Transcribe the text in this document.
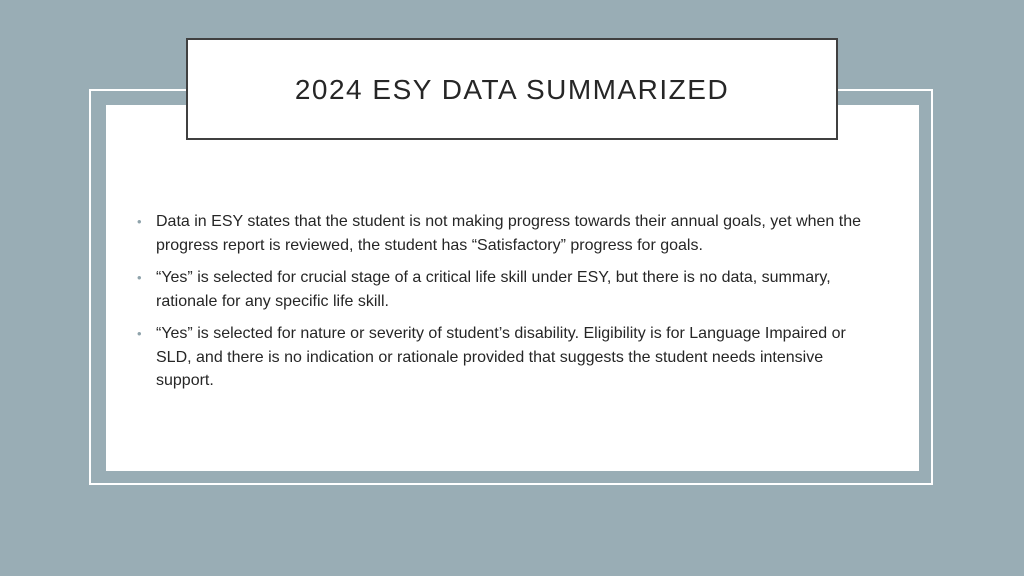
2024 ESY DATA SUMMARIZED
• Data in ESY states that the student is not making progress towards their annual goals, yet when the progress report is reviewed, the student has “Satisfactory” progress for goals.
• “Yes” is selected for crucial stage of a critical life skill under ESY, but there is no data, summary, rationale for any specific life skill.
• “Yes” is selected for nature or severity of student’s disability. Eligibility is for Language Impaired or SLD, and there is no indication or rationale provided that suggests the student needs intensive support.
